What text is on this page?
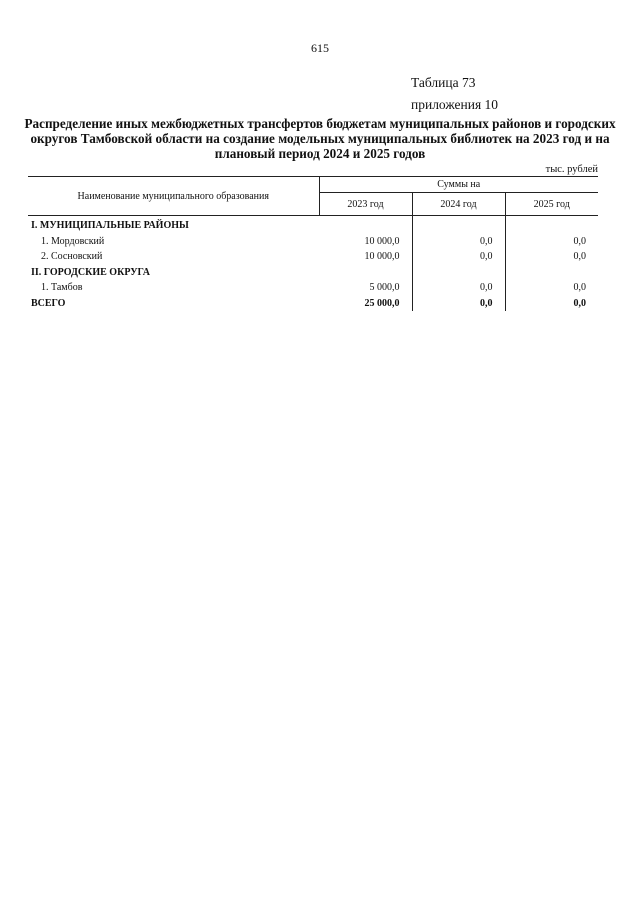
615
Таблица 73
приложения 10
Распределение иных межбюджетных трансфертов бюджетам муниципальных районов и городских округов Тамбовской области на создание модельных муниципальных библиотек на 2023 год и на плановый период 2024 и 2025 годов
тыс. рублей
Наименование муниципального образования	Суммы на		
	2023 год	2024 год	2025 год
I. МУНИЦИПАЛЬНЫЕ РАЙОНЫ			
1. Мордовский	10 000,0	0,0	0,0
2. Сосновский	10 000,0	0,0	0,0
II. ГОРОДСКИЕ ОКРУГА			
1. Тамбов	5 000,0	0,0	0,0
ВСЕГО	25 000,0	0,0	0,0
